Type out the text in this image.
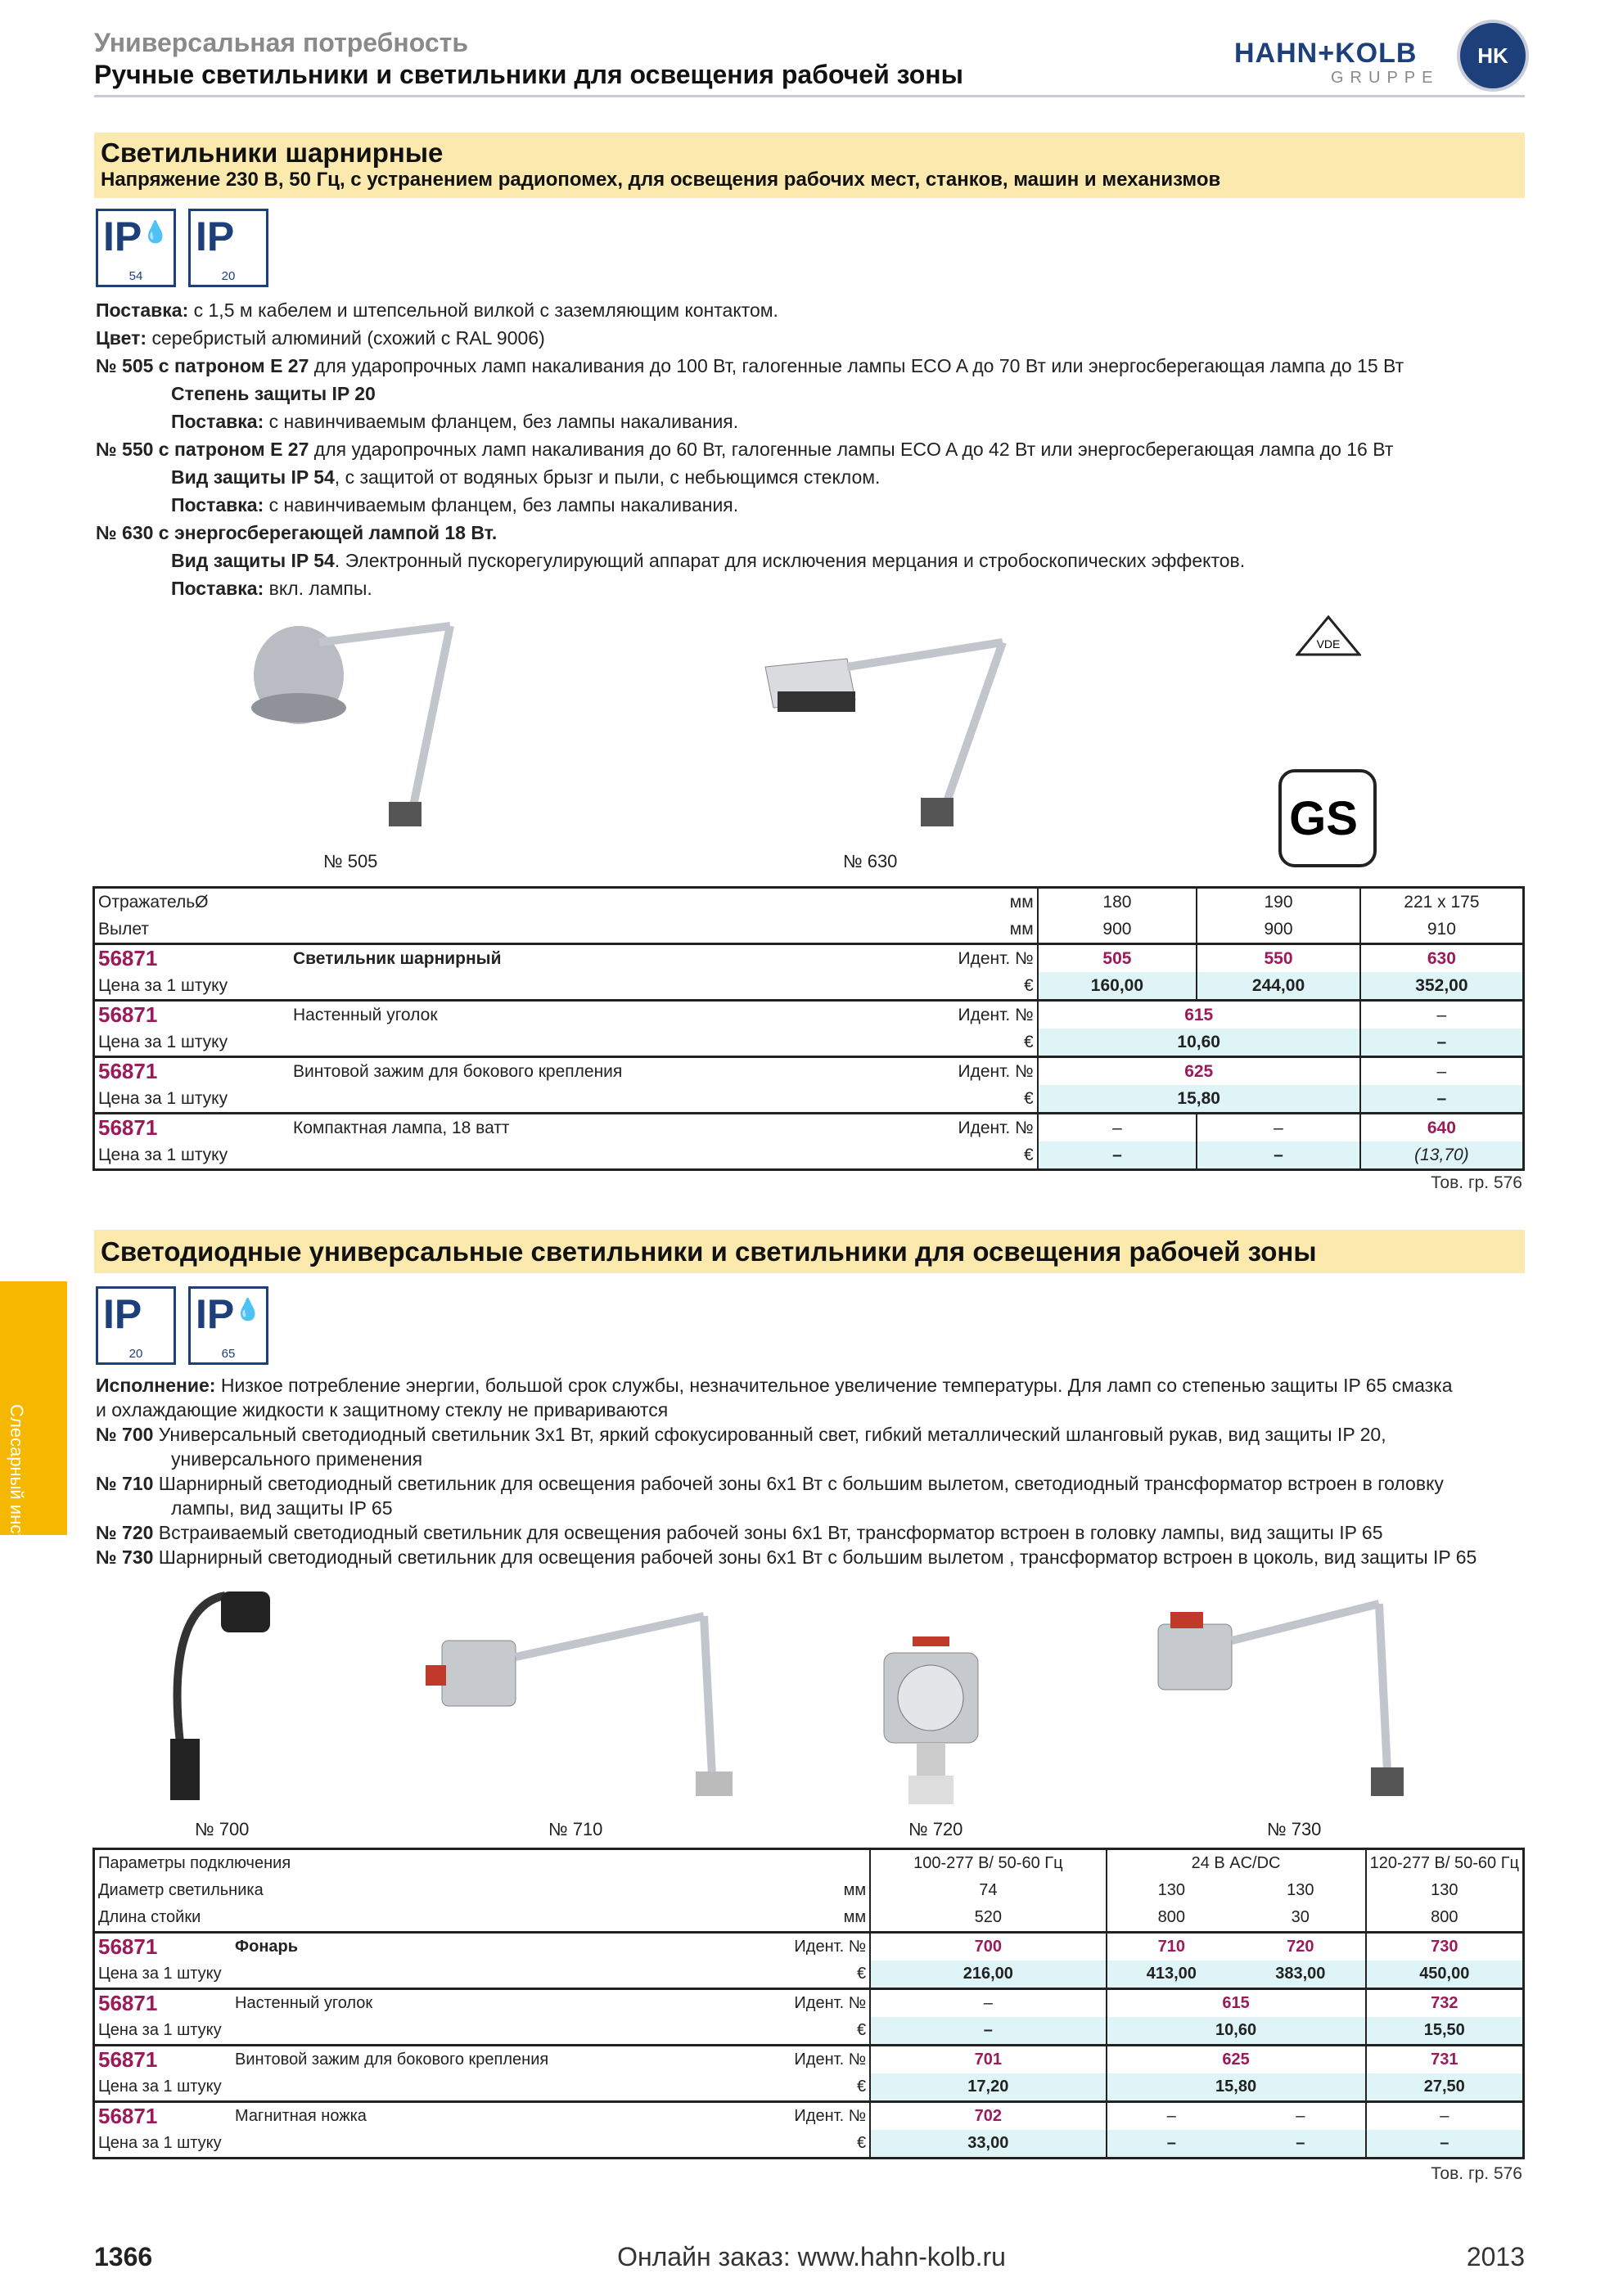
Универсальная потребность
Ручные светильники и светильники для освещения рабочей зоны
HAHN+KOLB
GRUPPE
HK
Светильники шарнирные
Напряжение 230 В, 50 Гц, с устранением радиопомех, для освещения рабочих мест, станков, машин и механизмов
IP 💧
54
IP
20
Поставка: с 1,5 м кабелем и штепсельной вилкой с заземляющим контактом.
Цвет: серебристый алюминий (схожий с RAL 9006)
№ 505 с патроном Е 27 для ударопрочных ламп накаливания до 100 Вт, галогенные лампы ECO A до 70 Вт или энергосберегающая лампа до 15 Вт
Степень защиты IP 20
Поставка: с навинчиваемым фланцем, без лампы накаливания.
№ 550 с патроном Е 27 для ударопрочных ламп накаливания до 60 Вт, галогенные лампы ECO A до 42 Вт или энергосберегающая лампа до 16 Вт
Вид защиты IP 54, с защитой от водяных брызг и пыли, с небьющимся стеклом.
Поставка: с навинчиваемым фланцем, без лампы накаливания.
№ 630 с энергосберегающей лампой 18 Вт.
Вид защиты IP 54. Электронный пускорегулирующий аппарат для исключения мерцания и стробоскопических эффектов.
Поставка: вкл. лампы.
VDE
GS
№ 505	№ 630
ОтражательØ		мм	180	190	221 x 175
Вылет		мм	900	900	910
56871	Светильник шарнирный	Идент. №	505	550	630
Цена за 1 штуку		€	160,00	244,00	352,00
56871	Настенный уголок	Идент. №	615		–
Цена за 1 штуку		€	10,60		–
56871	Винтовой зажим для бокового крепления	Идент. №	625		–
Цена за 1 штуку		€	15,80		–
56871	Компактная лампа, 18 ватт	Идент. №	–	–	640
Цена за 1 штуку		€	–	–	(13,70)
Тов. гр. 576
Светодиодные универсальные светильники и светильники для освещения рабочей зоны
IP
20
IP 💧
65
Слесарный инструмент
Исполнение: Низкое потребление энергии, большой срок службы, незначительное увеличение температуры. Для ламп со степенью защиты IP 65 смазка
и охлаждающие жидкости к защитному стеклу не привариваются
№ 700 Универсальный светодиодный светильник 3х1 Вт, яркий сфокусированный свет, гибкий металлический шланговый рукав, вид защиты IP 20,
универсального применения
№ 710 Шарнирный светодиодный светильник для освещения рабочей зоны 6х1 Вт с большим вылетом, светодиодный трансформатор встроен в головку
лампы, вид защиты IP 65
№ 720 Встраиваемый светодиодный светильник для освещения рабочей зоны 6х1 Вт, трансформатор встроен в головку лампы, вид защиты IP 65
№ 730 Шарнирный светодиодный светильник для освещения рабочей зоны 6х1 Вт с большим вылетом , трансформатор встроен в цоколь, вид защиты IP 65
№ 700	№ 710	№ 720	№ 730
Параметры подключения			100-277 В/ 50-60 Гц	24 В AC/DC		120-277 В/ 50-60 Гц
Диаметр светильника		мм	74	130	130	130
Длина стойки		мм	520	800	30	800
56871	Фонарь	Идент. №	700	710	720	730
Цена за 1 штуку		€	216,00	413,00	383,00	450,00
56871	Настенный уголок	Идент. №	–	615		732
Цена за 1 штуку		€	–	10,60		15,50
56871	Винтовой зажим для бокового крепления	Идент. №	701	625		731
Цена за 1 штуку		€	17,20	15,80		27,50
56871	Магнитная ножка	Идент. №	702	–	–	–
Цена за 1 штуку		€	33,00	–	–	–
Тов. гр. 576
1366	Онлайн заказ: www.hahn-kolb.ru	2013
